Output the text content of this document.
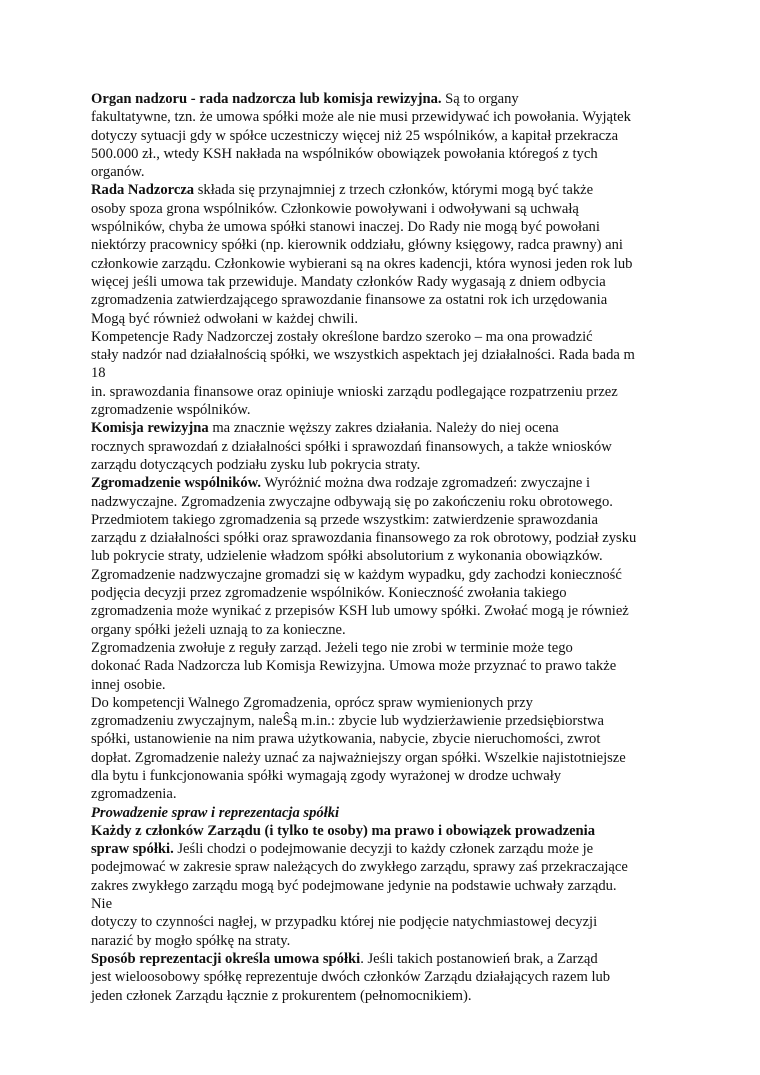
Organ nadzoru - rada nadzorcza lub komisja rewizyjna. Są to organy
fakultatywne, tzn. że umowa spółki może ale nie musi przewidywać ich powołania. Wyjątek
dotyczy sytuacji gdy w spółce uczestniczy więcej niż 25 wspólników, a kapitał przekracza
500.000 zł., wtedy KSH nakłada na wspólników obowiązek powołania któregoś z tych
organów.
Rada Nadzorcza składa się przynajmniej z trzech członków, którymi mogą być także
osoby spoza grona wspólników. Członkowie powoływani i odwoływani są uchwałą
wspólników, chyba że umowa spółki stanowi inaczej. Do Rady nie mogą być powołani
niektórzy pracownicy spółki (np. kierownik oddziału, główny księgowy, radca prawny) ani
członkowie zarządu. Członkowie wybierani są na okres kadencji, która wynosi jeden rok lub
więcej jeśli umowa tak przewiduje. Mandaty członków Rady wygasają z dniem odbycia
zgromadzenia zatwierdzającego sprawozdanie finansowe za ostatni rok ich urzędowania
Mogą być również odwołani w każdej chwili.
Kompetencje Rady Nadzorczej zostały określone bardzo szeroko – ma ona prowadzić
stały nadzór nad działalnością spółki, we wszystkich aspektach jej działalności. Rada bada m
18
in. sprawozdania finansowe oraz opiniuje wnioski zarządu podlegające rozpatrzeniu przez
zgromadzenie wspólników.
Komisja rewizyjna ma znacznie węższy zakres działania. Należy do niej ocena
rocznych sprawozdań z działalności spółki i sprawozdań finansowych, a także wniosków
zarządu dotyczących podziału zysku lub pokrycia straty.
Zgromadzenie wspólników. Wyróżnić można dwa rodzaje zgromadzeń: zwyczajne i
nadzwyczajne. Zgromadzenia zwyczajne odbywają się po zakończeniu roku obrotowego.
Przedmiotem takiego zgromadzenia są przede wszystkim: zatwierdzenie sprawozdania
zarządu z działalności spółki oraz sprawozdania finansowego za rok obrotowy, podział zysku
lub pokrycie straty, udzielenie władzom spółki absolutorium z wykonania obowiązków.
Zgromadzenie nadzwyczajne gromadzi się w każdym wypadku, gdy zachodzi konieczność
podjęcia decyzji przez zgromadzenie wspólników. Konieczność zwołania takiego
zgromadzenia może wynikać z przepisów KSH lub umowy spółki. Zwołać mogą je również
organy spółki jeżeli uznają to za konieczne.
Zgromadzenia zwołuje z reguły zarząd. Jeżeli tego nie zrobi w terminie może tego
dokonać Rada Nadzorcza lub Komisja Rewizyjna. Umowa może przyznać to prawo także
innej osobie.
Do kompetencji Walnego Zgromadzenia, oprócz spraw wymienionych przy
zgromadzeniu zwyczajnym, naleŜą m.in.: zbycie lub wydzierżawienie przedsiębiorstwa
spółki, ustanowienie na nim prawa użytkowania, nabycie, zbycie nieruchomości, zwrot
dopłat. Zgromadzenie należy uznać za najważniejszy organ spółki. Wszelkie najistotniejsze
dla bytu i funkcjonowania spółki wymagają zgody wyrażonej w drodze uchwały
zgromadzenia.
Prowadzenie spraw i reprezentacja spółki
Każdy z członków Zarządu (i tylko te osoby) ma prawo i obowiązek prowadzenia
spraw spółki. Jeśli chodzi o podejmowanie decyzji to każdy członek zarządu może je
podejmować w zakresie spraw należących do zwykłego zarządu, sprawy zaś przekraczające
zakres zwykłego zarządu mogą być podejmowane jedynie na podstawie uchwały zarządu.
Nie
dotyczy to czynności nagłej, w przypadku której nie podjęcie natychmiastowej decyzji
narazić by mogło spółkę na straty.
Sposób reprezentacji określa umowa spółki. Jeśli takich postanowień brak, a Zarząd
jest wieloosobowy spółkę reprezentuje dwóch członków Zarządu działających razem lub
jeden członek Zarządu łącznie z prokurentem (pełnomocnikiem).
